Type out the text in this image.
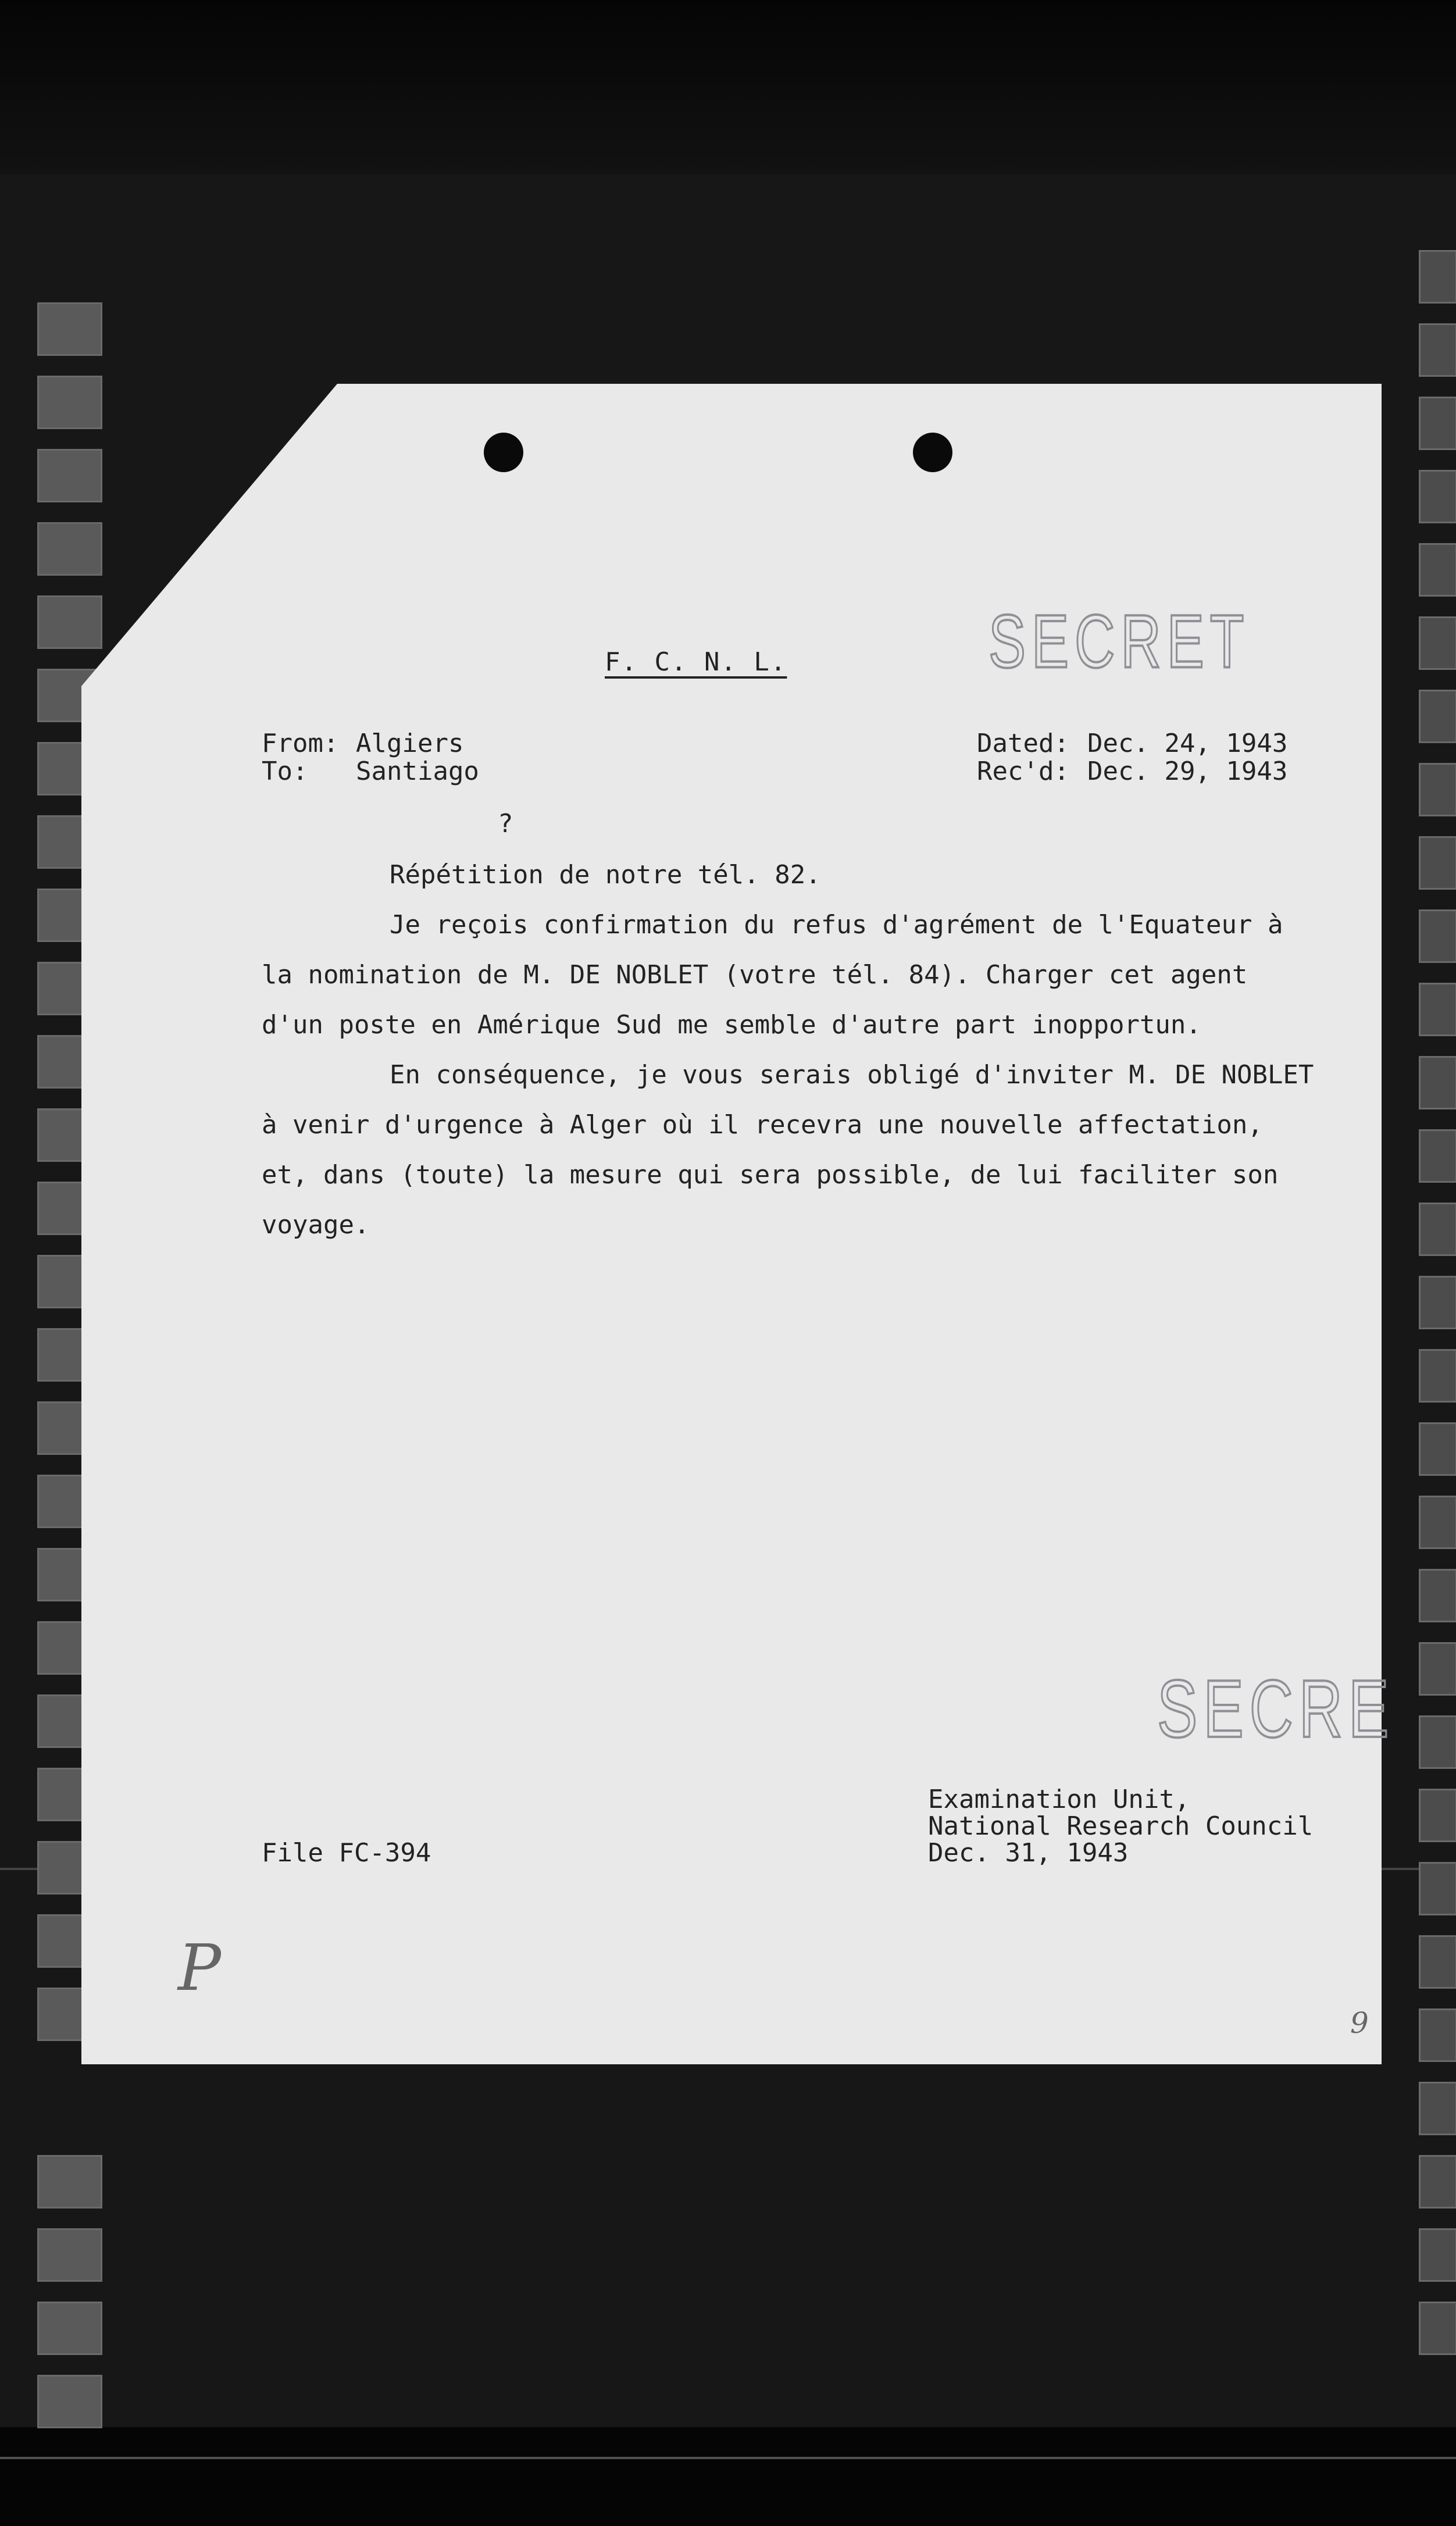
SECRET
F. C. N. L.
From: Algiers
To: Santiago
Dated: Dec. 24, 1943
Rec'd: Dec. 29, 1943
?

Répétition de notre tél. 82.

Je reçois confirmation du refus d'agrément de l'Equateur à la nomination de M. DE NOBLET (votre tél. 84). Charger cet agent d'un poste en Amérique Sud me semble d'autre part inopportun.

En conséquence, je vous serais obligé d'inviter M. DE NOBLET à venir d'urgence à Alger où il recevra une nouvelle affectation, et, dans (toute) la mesure qui sera possible, de lui faciliter son voyage.

SECRE
Examination Unit,
National Research Council
Dec. 31, 1943
File FC-394
P
9
